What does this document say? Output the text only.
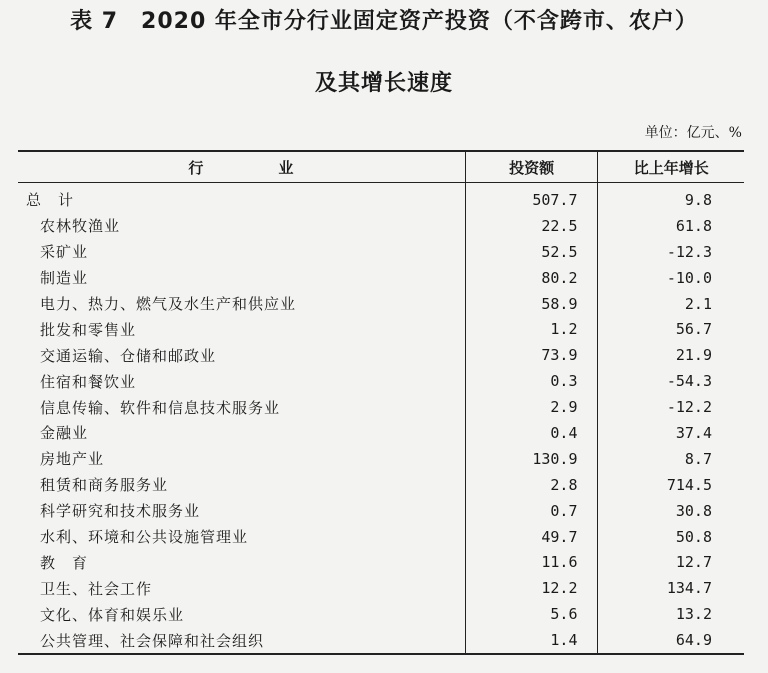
表 7　2020 年全市分行业固定资产投资（不含跨市、农户）
及其增长速度
单位：亿元、%
行　业	投资额	比上年增长
总　计	507.7	9.8
农林牧渔业	22.5	61.8
采矿业	52.5	-12.3
制造业	80.2	-10.0
电力、热力、燃气及水生产和供应业	58.9	2.1
批发和零售业	1.2	56.7
交通运输、仓储和邮政业	73.9	21.9
住宿和餐饮业	0.3	-54.3
信息传输、软件和信息技术服务业	2.9	-12.2
金融业	0.4	37.4
房地产业	130.9	8.7
租赁和商务服务业	2.8	714.5
科学研究和技术服务业	0.7	30.8
水利、环境和公共设施管理业	49.7	50.8
教　育	11.6	12.7
卫生、社会工作	12.2	134.7
文化、体育和娱乐业	5.6	13.2
公共管理、社会保障和社会组织	1.4	64.9
